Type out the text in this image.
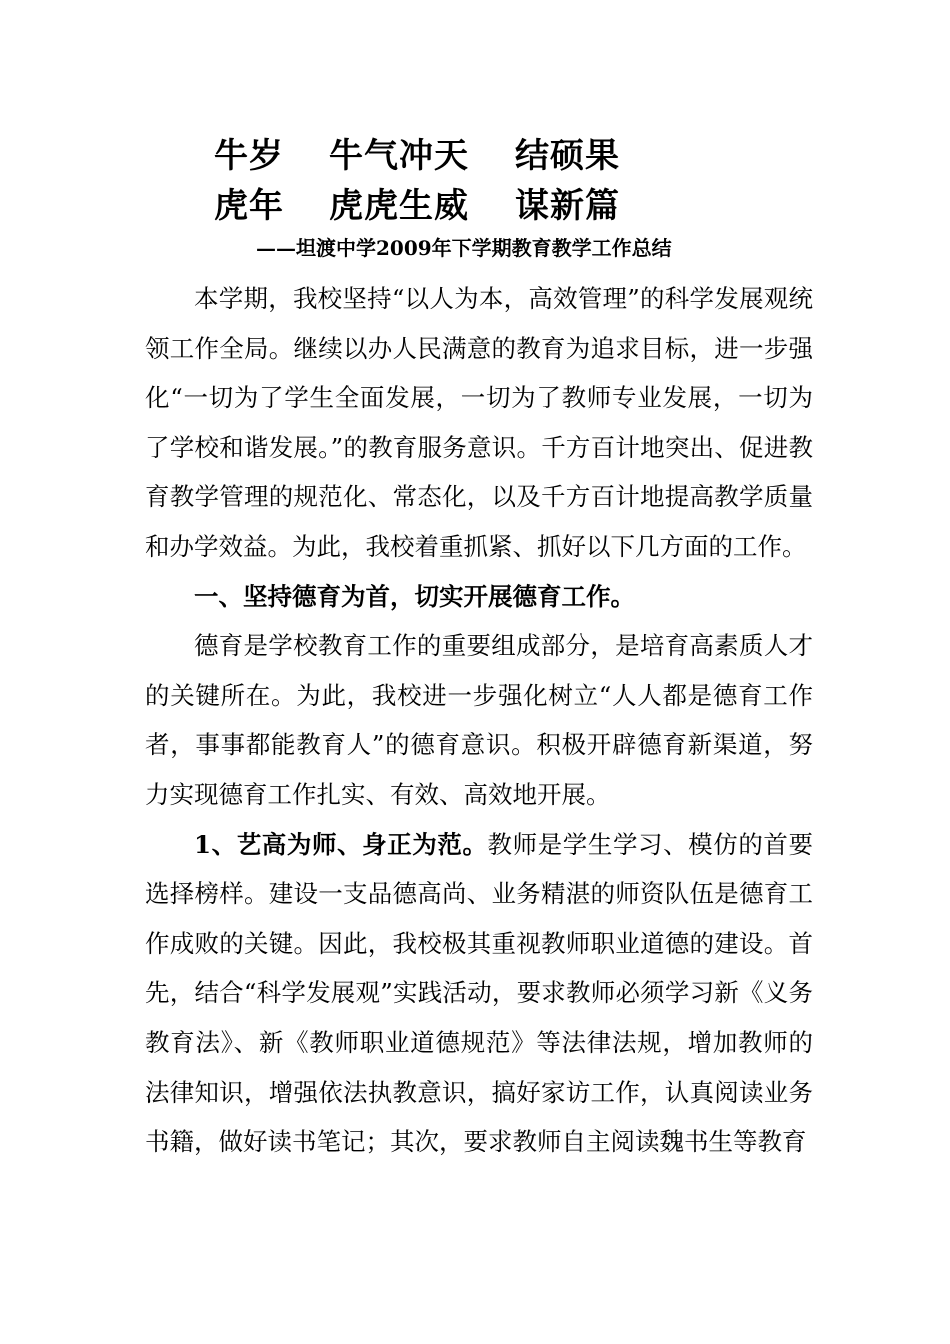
牛岁 牛气冲天 结硕果
虎年 虎虎生威 谋新篇
——坦渡中学2009年下学期教育教学工作总结

本学期，我校坚持“以人为本，高效管理”的科学发展观统领工作全局。继续以办人民满意的教育为追求目标，进一步强化“一切为了学生全面发展，一切为了教师专业发展，一切为了学校和谐发展。”的教育服务意识。千方百计地突出、促进教育教学管理的规范化、常态化，以及千方百计地提高教学质量和办学效益。为此，我校着重抓紧、抓好以下几方面的工作。

一、坚持德育为首，切实开展德育工作。

德育是学校教育工作的重要组成部分，是培育高素质人才的关键所在。为此，我校进一步强化树立“人人都是德育工作者，事事都能教育人”的德育意识。积极开辟德育新渠道，努力实现德育工作扎实、有效、高效地开展。

1、艺高为师、身正为范。教师是学生学习、模仿的首要选择榜样。建设一支品德高尚、业务精湛的师资队伍是德育工作成败的关键。因此，我校极其重视教师职业道德的建设。首先，结合“科学发展观”实践活动，要求教师必须学习新《义务教育法》、新《教师职业道德规范》等法律法规，增加教师的法律知识，增强依法执教意识，搞好家访工作，认真阅读业务书籍，做好读书笔记；其次，要求教师自主阅读魏书生等教育
